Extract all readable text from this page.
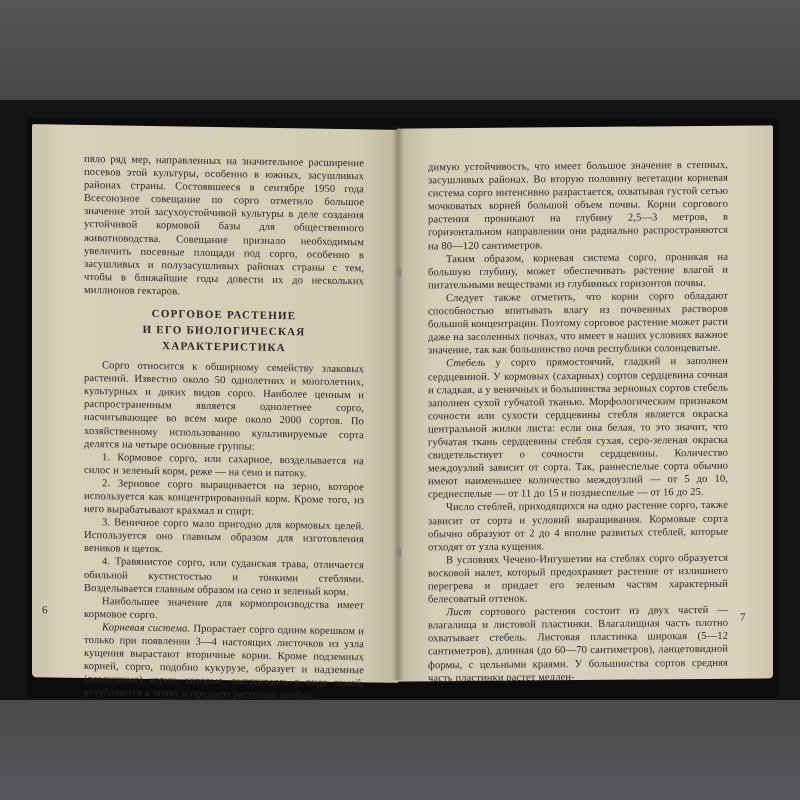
пяло ряд мер, направленных на значительное расширение посевов этой культуры, особенно в южных, засушливых районах страны. Состоявшееся в сентябре 1950 года Всесоюзное совещание по сорго отметило большое значение этой засухоустойчивой культуры в деле создания устойчивой кормовой базы для общественного животноводства. Совещание признало необходимым увеличить посевные площади под сорго, особенно в засушливых и полузасушливых районах страны с тем, чтобы в ближайшие годы довести их до нескольких миллионов гектаров.

СОРГОВОЕ РАСТЕНИЕ
И ЕГО БИОЛОГИЧЕСКАЯ ХАРАКТЕРИСТИКА

Сорго относится к обширному семейству злаковых растений. Известно около 50 однолетних и многолетних, культурных и диких видов сорго. Наиболее ценным и распространенным является однолетнее сорго, насчитывающее во всем мире около 2000 сортов. По хозяйственному использованию культивируемые сорта делятся на четыре основные группы:

1. Кормовое сорго, или сахарное, возделывается на силос и зеленый корм, реже — на сено и патоку.

2. Зерновое сорго выращивается на зерно, которое используется как концентрированный корм. Кроме того, из него вырабатывают крахмал и спирт.

3. Веничное сорго мало пригодно для кормовых целей. Используется оно главным образом для изготовления веников и щеток.

4. Травянистое сорго, или суданская трава, отличается обильной кустистостью и тонкими стеблями. Возделывается главным образом на сено и зеленый корм.

Наибольшее значение для кормопроизводства имеет кормовое сорго.

Корневая система. Прорастает сорго одним корешком и только при появлении 3—4 настоящих листочков из узла кущения вырастают вторичные корни. Кроме подземных корней, сорго, подобно кукурузе, образует и надземные (воздушные) корни, которые, вытягиваясь в виде тяжей, углубляются в почву и придают растению необхо-

6

димую устойчивость, что имеет большое значение в степных, засушливых районах. Во вторую половину вегетации корневая система сорго интенсивно разрастается, охватывая густой сетью мочковатых корней большой объем почвы. Корни соргового растения проникают на глубину 2,5—3 метров, в горизонтальном направлении они радиально распространяются на 80—120 сантиметров.

Таким образом, корневая система сорго, проникая на большую глубину, может обеспечивать растение влагой и питательными веществами из глубинных горизонтов почвы.

Следует также отметить, что корни сорго обладают способностью впитывать влагу из почвенных растворов большой концентрации. Поэтому сорговое растение может расти даже на засоленных почвах, что имеет в наших условиях важное значение, так как большинство почв республики солонцеватые.

Стебель у сорго прямостоячий, гладкий и заполнен сердцевиной. У кормовых (сахарных) сортов сердцевина сочная и сладкая, а у веничных и большинства зерновых сортов стебель заполнен сухой губчатой тканью. Морфологическим признаком сочности или сухости сердцевины стебля является окраска центральной жилки листа: если она белая, то это значит, что губчатая ткань сердцевины стебля сухая, серо-зеленая окраска свидетельствует о сочности сердцевины. Количество междоузлий зависит от сорта. Так, раннеспелые сорта обычно имеют наименьшее количество междоузлий — от 5 до 10, среднеспелые — от 11 до 15 и позднеспелые — от 16 до 25.

Число стеблей, приходящихся на одно растение сорго, также зависит от сорта и условий выращивания. Кормовые сорта обычно образуют от 2 до 4 вполне развитых стеблей, которые отходят от узла кущения.

В условиях Чечено-Ингушетии на стеблях сорго образуется восковой налет, который предохраняет растение от излишнего перегрева и придает его зеленым частям характерный белесоватый оттенок.

Лист сортового растения состоит из двух частей — влагалища и листовой пластинки. Влагалищная часть плотно охватывает стебель. Листовая пластинка широкая (5—12 сантиметров), длинная (до 60—70 сантиметров), ланцетовидной формы, с цельными краями. У большинства сортов средняя часть пластинки растет медлен-

7
